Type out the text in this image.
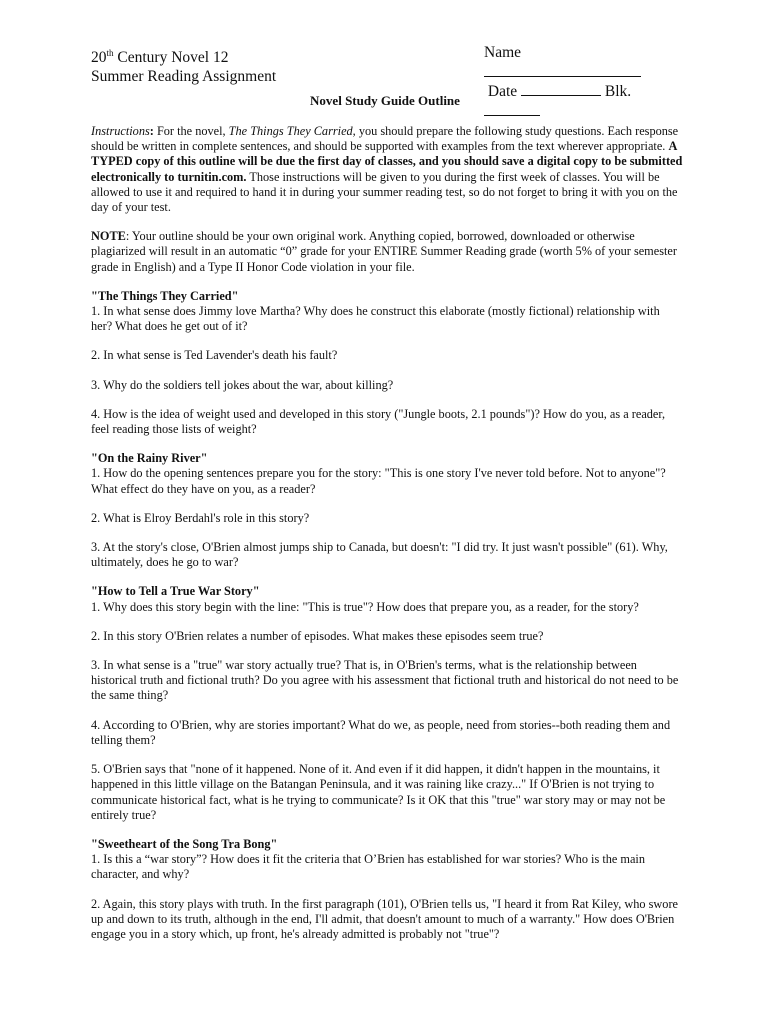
20th Century Novel 12
Summer Reading Assignment
Name
Date	Blk.
Novel Study Guide Outline

Instructions: For the novel, The Things They Carried, you should prepare the following study questions. Each response should be written in complete sentences, and should be supported with examples from the text wherever appropriate. A TYPED copy of this outline will be due the first day of classes, and you should save a digital copy to be submitted electronically to turnitin.com. Those instructions will be given to you during the first week of classes. You will be allowed to use it and required to hand it in during your summer reading test, so do not forget to bring it with you on the day of your test.

NOTE: Your outline should be your own original work. Anything copied, borrowed, downloaded or otherwise plagiarized will result in an automatic “0” grade for your ENTIRE Summer Reading grade (worth 5% of your semester grade in English) and a Type II Honor Code violation in your file.

"The Things They Carried"
1. In what sense does Jimmy love Martha? Why does he construct this elaborate (mostly fictional) relationship with her? What does he get out of it?
2. In what sense is Ted Lavender's death his fault?
3. Why do the soldiers tell jokes about the war, about killing?
4. How is the idea of weight used and developed in this story ("Jungle boots, 2.1 pounds")? How do you, as a reader, feel reading those lists of weight?
"On the Rainy River"
1. How do the opening sentences prepare you for the story: "This is one story I've never told before. Not to anyone"? What effect do they have on you, as a reader?
2. What is Elroy Berdahl's role in this story?
3. At the story's close, O'Brien almost jumps ship to Canada, but doesn't: "I did try. It just wasn't possible" (61). Why, ultimately, does he go to war?
"How to Tell a True War Story"
1. Why does this story begin with the line: "This is true"? How does that prepare you, as a reader, for the story?
2. In this story O'Brien relates a number of episodes. What makes these episodes seem true?
3. In what sense is a "true" war story actually true? That is, in O'Brien's terms, what is the relationship between historical truth and fictional truth? Do you agree with his assessment that fictional truth and historical do not need to be the same thing?
4. According to O'Brien, why are stories important? What do we, as people, need from stories--both reading them and telling them?
5. O'Brien says that "none of it happened. None of it. And even if it did happen, it didn't happen in the mountains, it happened in this little village on the Batangan Peninsula, and it was raining like crazy..." If O'Brien is not trying to communicate historical fact, what is he trying to communicate? Is it OK that this "true" war story may or may not be entirely true?
"Sweetheart of the Song Tra Bong"
1. Is this a “war story”? How does it fit the criteria that O’Brien has established for war stories? Who is the main character, and why?
2. Again, this story plays with truth. In the first paragraph (101), O'Brien tells us, "I heard it from Rat Kiley, who swore up and down to its truth, although in the end, I'll admit, that doesn't amount to much of a warranty." How does O'Brien engage you in a story which, up front, he's already admitted is probably not "true"?
